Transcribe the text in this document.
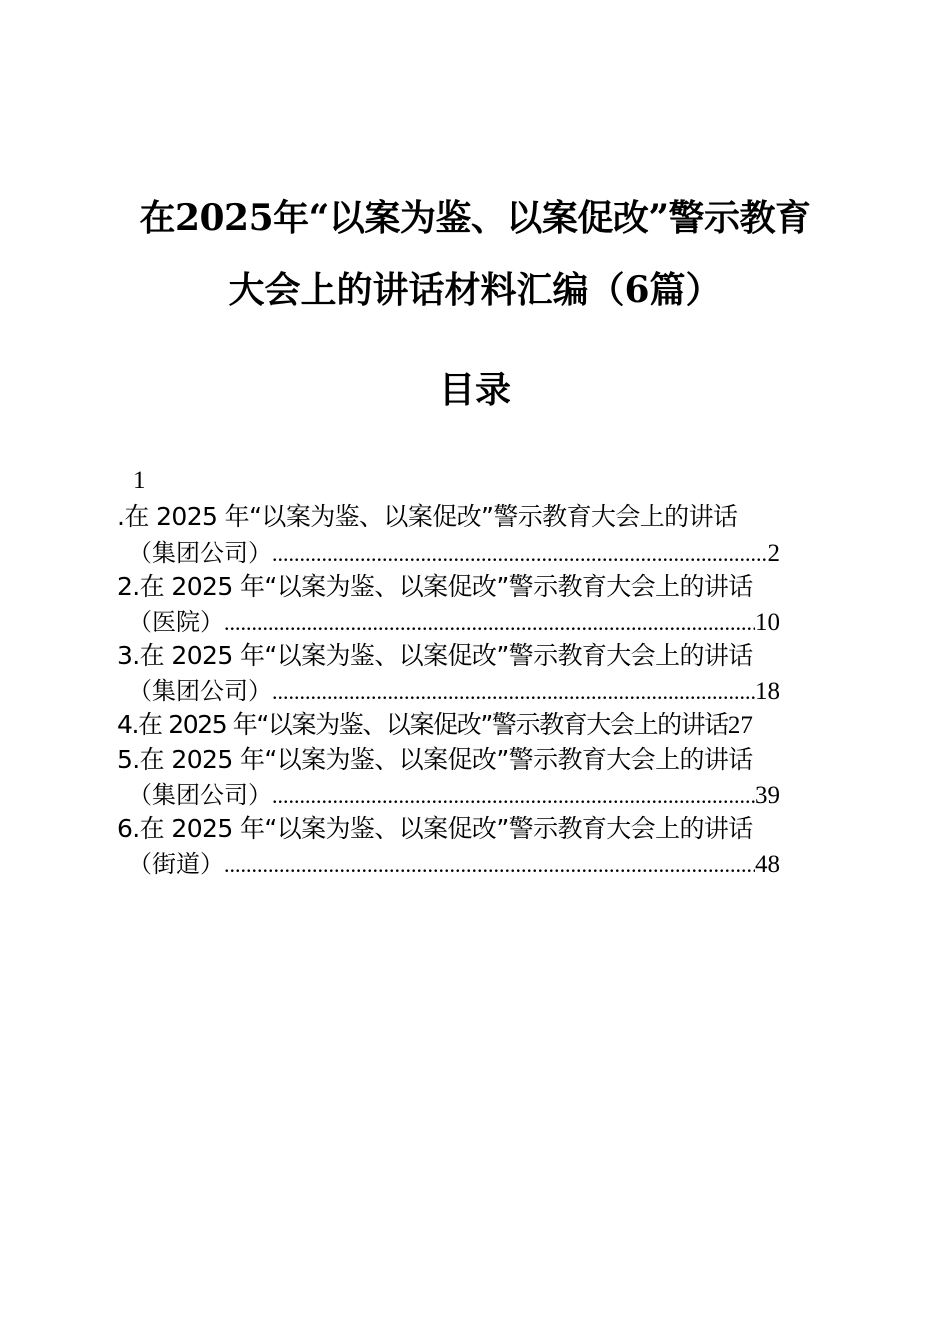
在2025年“以案为鉴、以案促改”警示教育
大会上的讲话材料汇编（6篇）
目录
1
.在 2025 年“以案为鉴、以案促改”警示教育大会上的讲话
（集团公司） .....	2
2.在 2025 年“以案为鉴、以案促改”警示教育大会上的讲话
（医院） .....	10
3.在 2025 年“以案为鉴、以案促改”警示教育大会上的讲话
（集团公司） .....	18
4.在 2025 年“以案为鉴、以案促改”警示教育大会上的讲话 27
5.在 2025 年“以案为鉴、以案促改”警示教育大会上的讲话
（集团公司） .....	39
6.在 2025 年“以案为鉴、以案促改”警示教育大会上的讲话
（街道） .....	48
